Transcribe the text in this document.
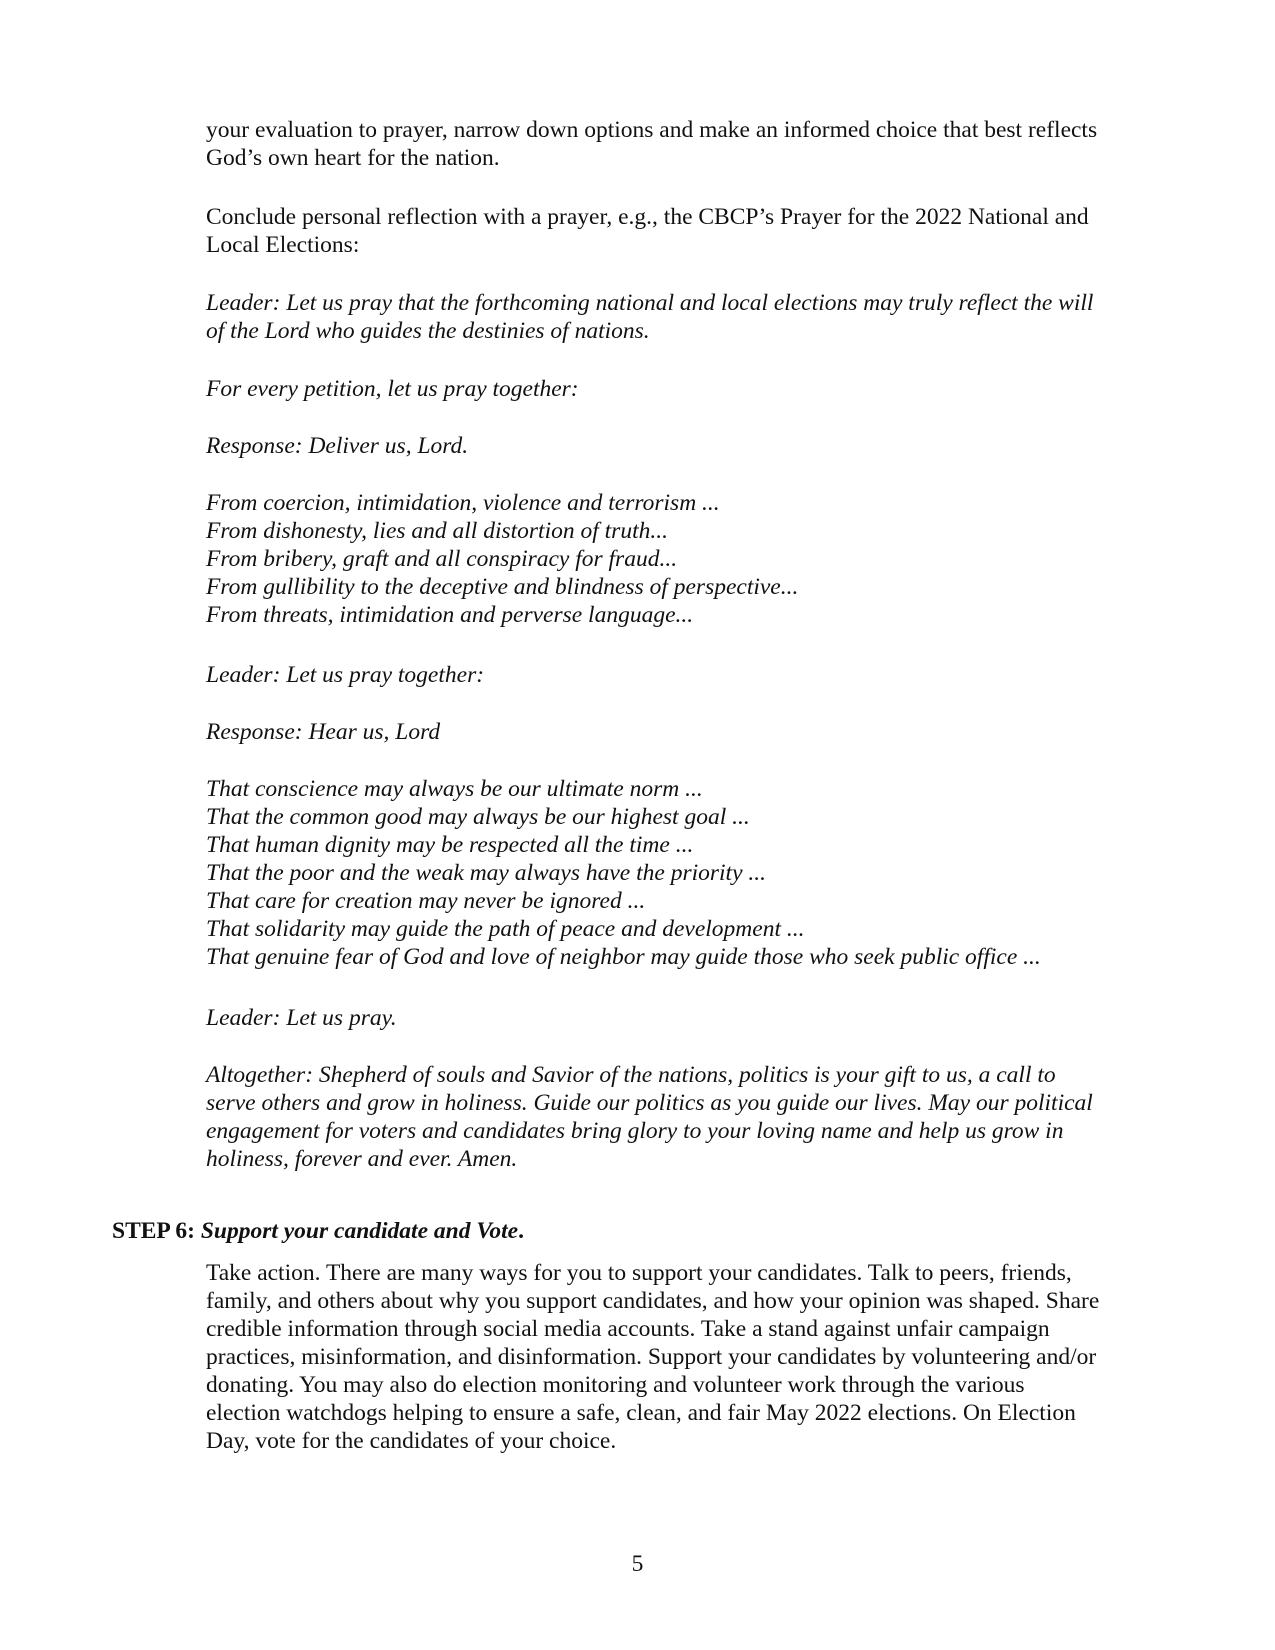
your evaluation to prayer, narrow down options and make an informed choice that best reflects
God’s own heart for the nation.

Conclude personal reflection with a prayer, e.g., the CBCP’s Prayer for the 2022 National and
Local Elections:

Leader: Let us pray that the forthcoming national and local elections may truly reflect the will
of the Lord who guides the destinies of nations.

For every petition, let us pray together:

Response: Deliver us, Lord.

From coercion, intimidation, violence and terrorism ...
From dishonesty, lies and all distortion of truth...
From bribery, graft and all conspiracy for fraud...
From gullibility to the deceptive and blindness of perspective...
From threats, intimidation and perverse language...

Leader: Let us pray together:

Response: Hear us, Lord

That conscience may always be our ultimate norm ...
That the common good may always be our highest goal ...
That human dignity may be respected all the time ...
That the poor and the weak may always have the priority ...
That care for creation may never be ignored ...
That solidarity may guide the path of peace and development ...
That genuine fear of God and love of neighbor may guide those who seek public office ...

Leader: Let us pray.

Altogether: Shepherd of souls and Savior of the nations, politics is your gift to us, a call to
serve others and grow in holiness. Guide our politics as you guide our lives. May our political
engagement for voters and candidates bring glory to your loving name and help us grow in
holiness, forever and ever. Amen.

STEP 6: Support your candidate and Vote.

Take action. There are many ways for you to support your candidates. Talk to peers, friends,
family, and others about why you support candidates, and how your opinion was shaped. Share
credible information through social media accounts. Take a stand against unfair campaign
practices, misinformation, and disinformation. Support your candidates by volunteering and/or
donating. You may also do election monitoring and volunteer work through the various
election watchdogs helping to ensure a safe, clean, and fair May 2022 elections. On Election
Day, vote for the candidates of your choice.

5
